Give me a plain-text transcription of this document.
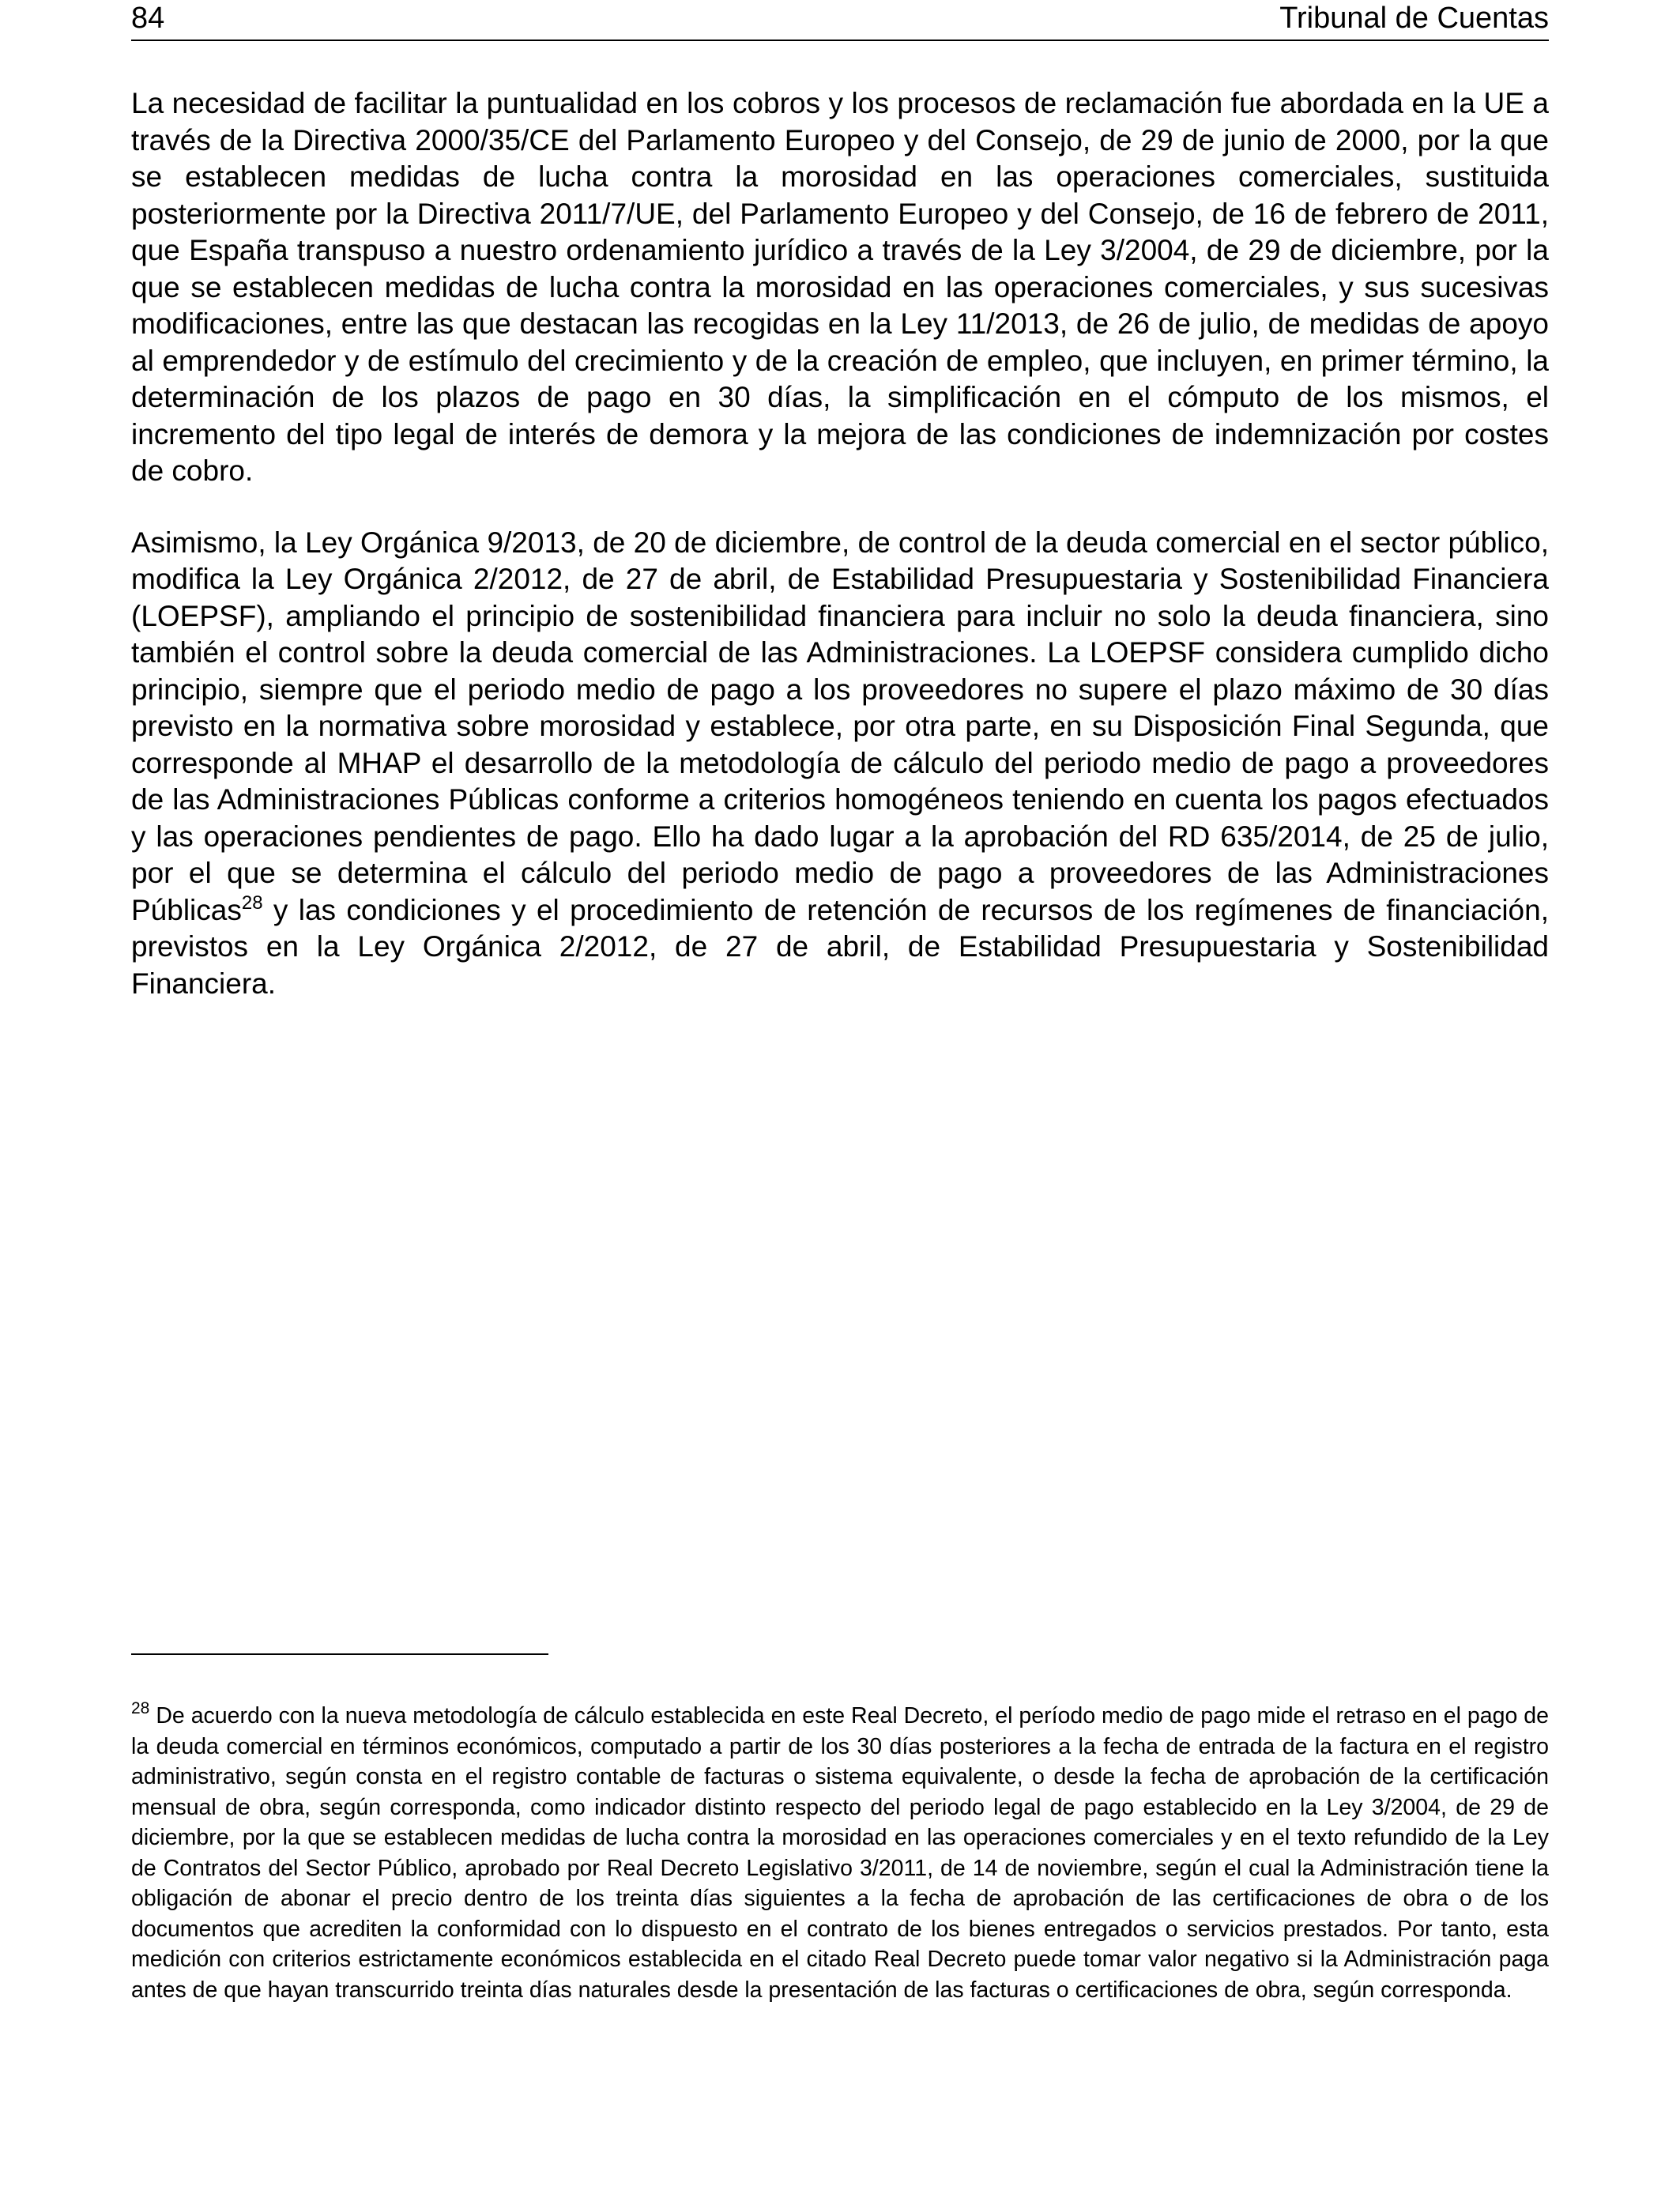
84	Tribunal de Cuentas

La necesidad de facilitar la puntualidad en los cobros y los procesos de reclamación fue abordada en la UE a través de la Directiva 2000/35/CE del Parlamento Europeo y del Consejo, de 29 de junio de 2000, por la que se establecen medidas de lucha contra la morosidad en las operaciones comerciales, sustituida posteriormente por la Directiva 2011/7/UE, del Parlamento Europeo y del Consejo, de 16 de febrero de 2011, que España transpuso a nuestro ordenamiento jurídico a través de la Ley 3/2004, de 29 de diciembre, por la que se establecen medidas de lucha contra la morosidad en las operaciones comerciales, y sus sucesivas modificaciones, entre las que destacan las recogidas en la Ley 11/2013, de 26 de julio, de medidas de apoyo al emprendedor y de estímulo del crecimiento y de la creación de empleo, que incluyen, en primer término, la determinación de los plazos de pago en 30 días, la simplificación en el cómputo de los mismos, el incremento del tipo legal de interés de demora y la mejora de las condiciones de indemnización por costes de cobro.

Asimismo, la Ley Orgánica 9/2013, de 20 de diciembre, de control de la deuda comercial en el sector público, modifica la Ley Orgánica 2/2012, de 27 de abril, de Estabilidad Presupuestaria y Sostenibilidad Financiera (LOEPSF), ampliando el principio de sostenibilidad financiera para incluir no solo la deuda financiera, sino también el control sobre la deuda comercial de las Administraciones. La LOEPSF considera cumplido dicho principio, siempre que el periodo medio de pago a los proveedores no supere el plazo máximo de 30 días previsto en la normativa sobre morosidad y establece, por otra parte, en su Disposición Final Segunda, que corresponde al MHAP el desarrollo de la metodología de cálculo del periodo medio de pago a proveedores de las Administraciones Públicas conforme a criterios homogéneos teniendo en cuenta los pagos efectuados y las operaciones pendientes de pago. Ello ha dado lugar a la aprobación del RD 635/2014, de 25 de julio, por el que se determina el cálculo del periodo medio de pago a proveedores de las Administraciones Públicas$^{28}$ y las condiciones y el procedimiento de retención de recursos de los regímenes de financiación, previstos en la Ley Orgánica 2/2012, de 27 de abril, de Estabilidad Presupuestaria y Sostenibilidad Financiera.

$^{28}$ De acuerdo con la nueva metodología de cálculo establecida en este Real Decreto, el período medio de pago mide el retraso en el pago de la deuda comercial en términos económicos, computado a partir de los 30 días posteriores a la fecha de entrada de la factura en el registro administrativo, según consta en el registro contable de facturas o sistema equivalente, o desde la fecha de aprobación de la certificación mensual de obra, según corresponda, como indicador distinto respecto del periodo legal de pago establecido en la Ley 3/2004, de 29 de diciembre, por la que se establecen medidas de lucha contra la morosidad en las operaciones comerciales y en el texto refundido de la Ley de Contratos del Sector Público, aprobado por Real Decreto Legislativo 3/2011, de 14 de noviembre, según el cual la Administración tiene la obligación de abonar el precio dentro de los treinta días siguientes a la fecha de aprobación de las certificaciones de obra o de los documentos que acrediten la conformidad con lo dispuesto en el contrato de los bienes entregados o servicios prestados. Por tanto, esta medición con criterios estrictamente económicos establecida en el citado Real Decreto puede tomar valor negativo si la Administración paga antes de que hayan transcurrido treinta días naturales desde la presentación de las facturas o certificaciones de obra, según corresponda.
